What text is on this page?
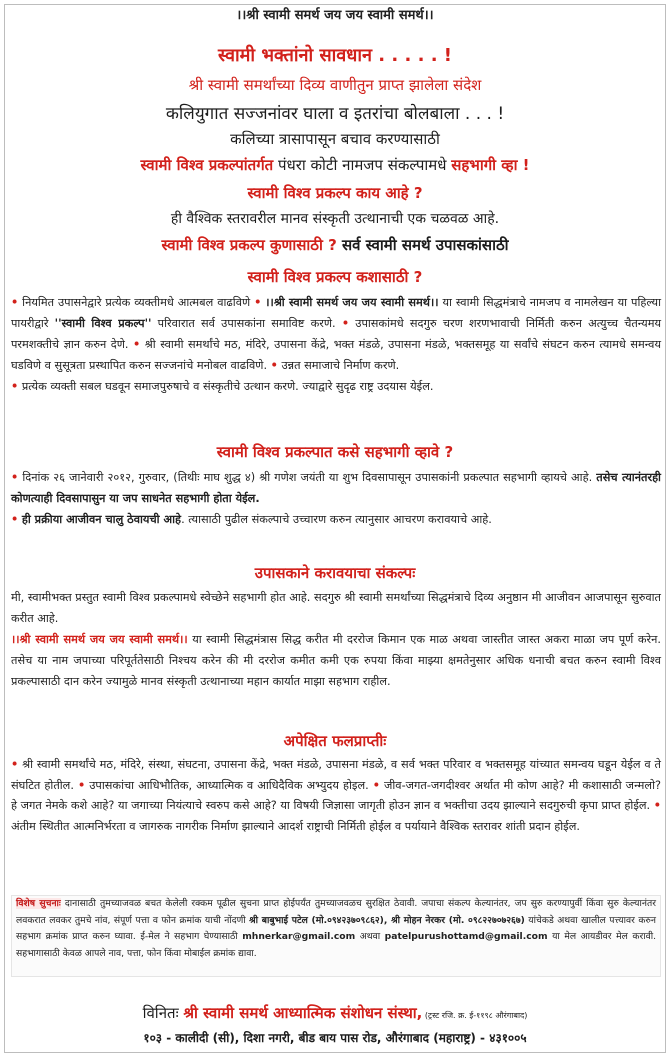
।।श्री स्वामी समर्थ जय जय स्वामी समर्थ।।
स्वामी भक्तांनो सावधान . . . . . !
श्री स्वामी समर्थांच्या दिव्य वाणीतुन प्राप्त झालेला संदेश
कलियुगात सज्जनांवर घाला व इतरांचा बोलबाला . . . !
कलिच्या त्रासापासून बचाव करण्यासाठी
स्वामी विश्व प्रकल्पांतर्गत पंधरा कोटी नामजप संकल्पामधे सहभागी व्हा !
स्वामी विश्व प्रकल्प काय आहे ?
ही वैश्विक स्तरावरील मानव संस्कृती उत्थानाची एक चळवळ आहे.
स्वामी विश्व प्रकल्प कुणासाठी ? सर्व स्वामी समर्थ उपासकांसाठी
स्वामी विश्व प्रकल्प कशासाठी ?
• नियमित उपासनेद्वारे प्रत्येक व्यक्तीमधे आत्मबल वाढविणे • ।।श्री स्वामी समर्थ जय जय स्वामी समर्थ।। या स्वामी सिद्धमंत्राचे नामजप व नामलेखन या पहिल्या पायरीद्वारे ''स्वामी विश्व प्रकल्प'' परिवारात सर्व उपासकांना समाविष्ट करणे. • उपासकांमधे सदगुरु चरण शरणभावाची निर्मिती करुन अत्युच्च चैतन्यमय परमशक्तीचे ज्ञान करुन देणे. • श्री स्वामी समर्थांचे मठ, मंदिरे, उपासना केंद्रे, भक्त मंडळे, उपासना मंडळे, भक्तसमूह या सर्वांचे संघटन करुन त्यामधे समन्वय घडविणे व सुसूत्रता प्रस्थापित करुन सज्जनांचे मनोबल वाढविणे. • उन्नत समाजाचे निर्माण करणे.
• प्रत्येक व्यक्ती सबल घडवून समाजपुरुषाचे व संस्कृतीचे उत्थान करणे. ज्याद्वारे सुदृढ राष्ट्र उदयास येईल.
स्वामी विश्व प्रकल्पात कसे सहभागी व्हावे ?
• दिनांक २६ जानेवारी २०१२, गुरुवार, (तिथीः माघ शुद्ध ४) श्री गणेश जयंती या शुभ दिवसापासून उपासकांनी प्रकल्पात सहभागी व्हायचे आहे. तसेच त्यानंतरही कोणत्याही दिवसापासुन या जप साधनेत सहभागी होता येईल.
• ही प्रक्रीया आजीवन चालु ठेवायची आहे. त्यासाठी पुढील संकल्पाचे उच्चारण करुन त्यानुसार आचरण करावयाचे आहे.
उपासकाने करावयाचा संकल्पः
मी, स्वामीभक्त प्रस्तुत स्वामी विश्व प्रकल्पामधे स्वेच्छेने सहभागी होत आहे. सदगुरु श्री स्वामी समर्थांच्या सिद्धमंत्राचे दिव्य अनुष्ठान मी आजीवन आजपासून सुरुवात करीत आहे.
।।श्री स्वामी समर्थ जय जय स्वामी समर्थ।। या स्वामी सिद्धमंत्रास सिद्ध करीत मी दररोज किमान एक माळ अथवा जास्तीत जास्त अकरा माळा जप पूर्ण करेन. तसेच या नाम जपाच्या परिपूर्ततेसाठी निश्चय करेन की मी दररोज कमीत कमी एक रुपया किंवा माझ्या क्षमतेनुसार अधिक धनाची बचत करुन स्वामी विश्व प्रकल्पासाठी दान करेन ज्यामुळे मानव संस्कृती उत्थानाच्या महान कार्यात माझा सहभाग राहील.
अपेक्षित फलप्राप्तीः
• श्री स्वामी समर्थांचे मठ, मंदिरे, संस्था, संघटना, उपासना केंद्रे, भक्त मंडळे, उपासना मंडळे, व सर्व भक्त परिवार व भक्तसमूह यांच्यात समन्वय घडून येईल व ते संघटित होतील. • उपासकांचा आधिभौतिक, आध्यात्मिक व आधिदैविक अभ्युदय होइल. • जीव-जगत-जगदीश्वर अर्थात मी कोण आहे? मी कशासाठी जन्मलो? हे जगत नेमके कशे आहे? या जगाच्या नियंत्याचे स्वरुप कसे आहे? या विषयी जिज्ञासा जागृती होउन ज्ञान व भक्तीचा उदय झाल्याने सदगुरुची कृपा प्राप्त होईल. • अंतीम स्थितीत आत्मनिर्भरता व जागरुक नागरीक निर्माण झाल्याने आदर्श राष्ट्राची निर्मिती होईल व पर्यायाने वैश्विक स्तरावर शांती प्रदान होईल.
विशेष सुचनाः दानासाठी तुमच्याजवळ बचत केलेली रक्कम पूढील सुचना प्राप्त होईपर्यंत तुमच्याजवळच सुरक्षित ठेवावी. जपाचा संकल्प केल्यानंतर, जप सुरु करण्यापुर्वी किंवा सुरु केल्यानंतर लवकरात लवकर तुमचे नांव, संपूर्ण पत्ता व फोन क्रमांक याची नोंदणी श्री बाबुभाई पटेल (मो.०९४२३७०९८६२), श्री मोहन नेरकर (मो. ०९८२२७०७२६७) यांचेकडे अथवा खालील पत्त्यावर करुन सहभाग क्रमांक प्राप्त करुन घ्यावा. ई-मेल ने सहभाग घेण्यासाठी mhnerkar@gmail.com अथवा patelpurushottamd@gmail.com या मेल आयडीवर मेल करावी. सहभागासाठी केवळ आपले नाव, पत्ता, फोन किंवा मोबाईल क्रमांक द्यावा.
विनितः श्री स्वामी समर्थ आध्यात्मिक संशोधन संस्था, (ट्रस्ट रजि. क्र. ई-११९८ औरंगाबाद)
१०३ - कालीदी (सी), दिशा नगरी, बीड बाय पास रोड, औरंगाबाद (महाराष्ट्र) - ४३१००५
